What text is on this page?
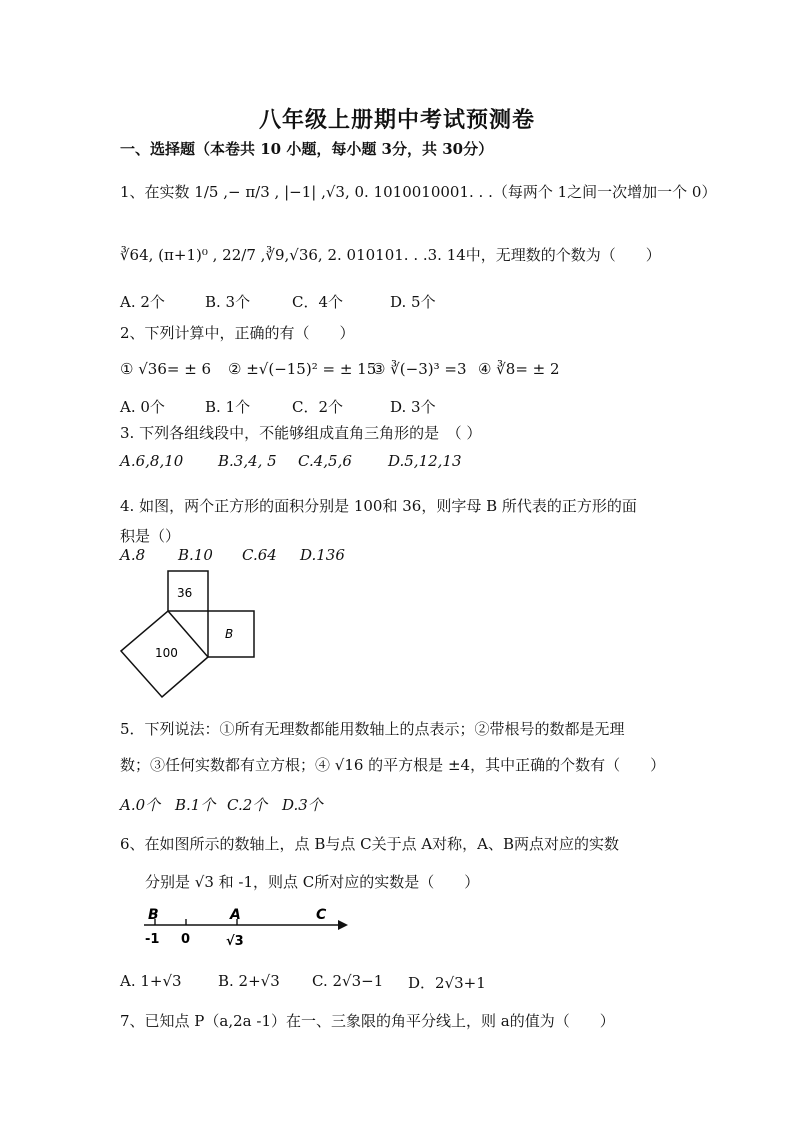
八年级上册期中考试预测卷
一、选择题（本卷共 10 小题，每小题 3分，共 30分）
1、在实数 1/5 ,− π/3 , |−1| ,√3, 0. 1010010001. . .（每两个 1之间一次增加一个 0）
∛64, (π+1)⁰ , 22/7 ,∛9,√36, 2. 010101. . .3. 14中，无理数的个数为（　　）
A. 2个	B. 3个	C．4个	D. 5个
2、下列计算中，正确的有（　　）
① √36= ± 6 ② ±√(−15)² = ± 15
③ ∛(−3)³ =3 ④ ∛8= ± 2
A. 0个	B. 1个	C．2个	D. 3个
3. 下列各组线段中，不能够组成直角三角形的是　（ ）
A.6,8,10 B.3,4, 5 C.4,5,6 D.5,12,13
4. 如图，两个正方形的面积分别是 100和 36，则字母 B 所代表的正方形的面
积是（）
A.8 B.10 C.64 D.136
36
100
B
5．下列说法：①所有无理数都能用数轴上的点表示；②带根号的数都是无理
数；③任何实数都有立方根；④ √16 的平方根是 ±4，其中正确的个数有（　　）
A.0个 B.1个 C.2个 D.3个
6、在如图所示的数轴上，点 B与点 C关于点 A对称，A、B两点对应的实数
分别是 √3 和 -1，则点 C所对应的实数是（　　）
B	A	C
-1 0	√3
A. 1+√3 B. 2+√3 C. 2√3−1 D．2√3+1
7、已知点 P（a,2a -1）在一、三象限的角平分线上，则 a的值为（　　）
